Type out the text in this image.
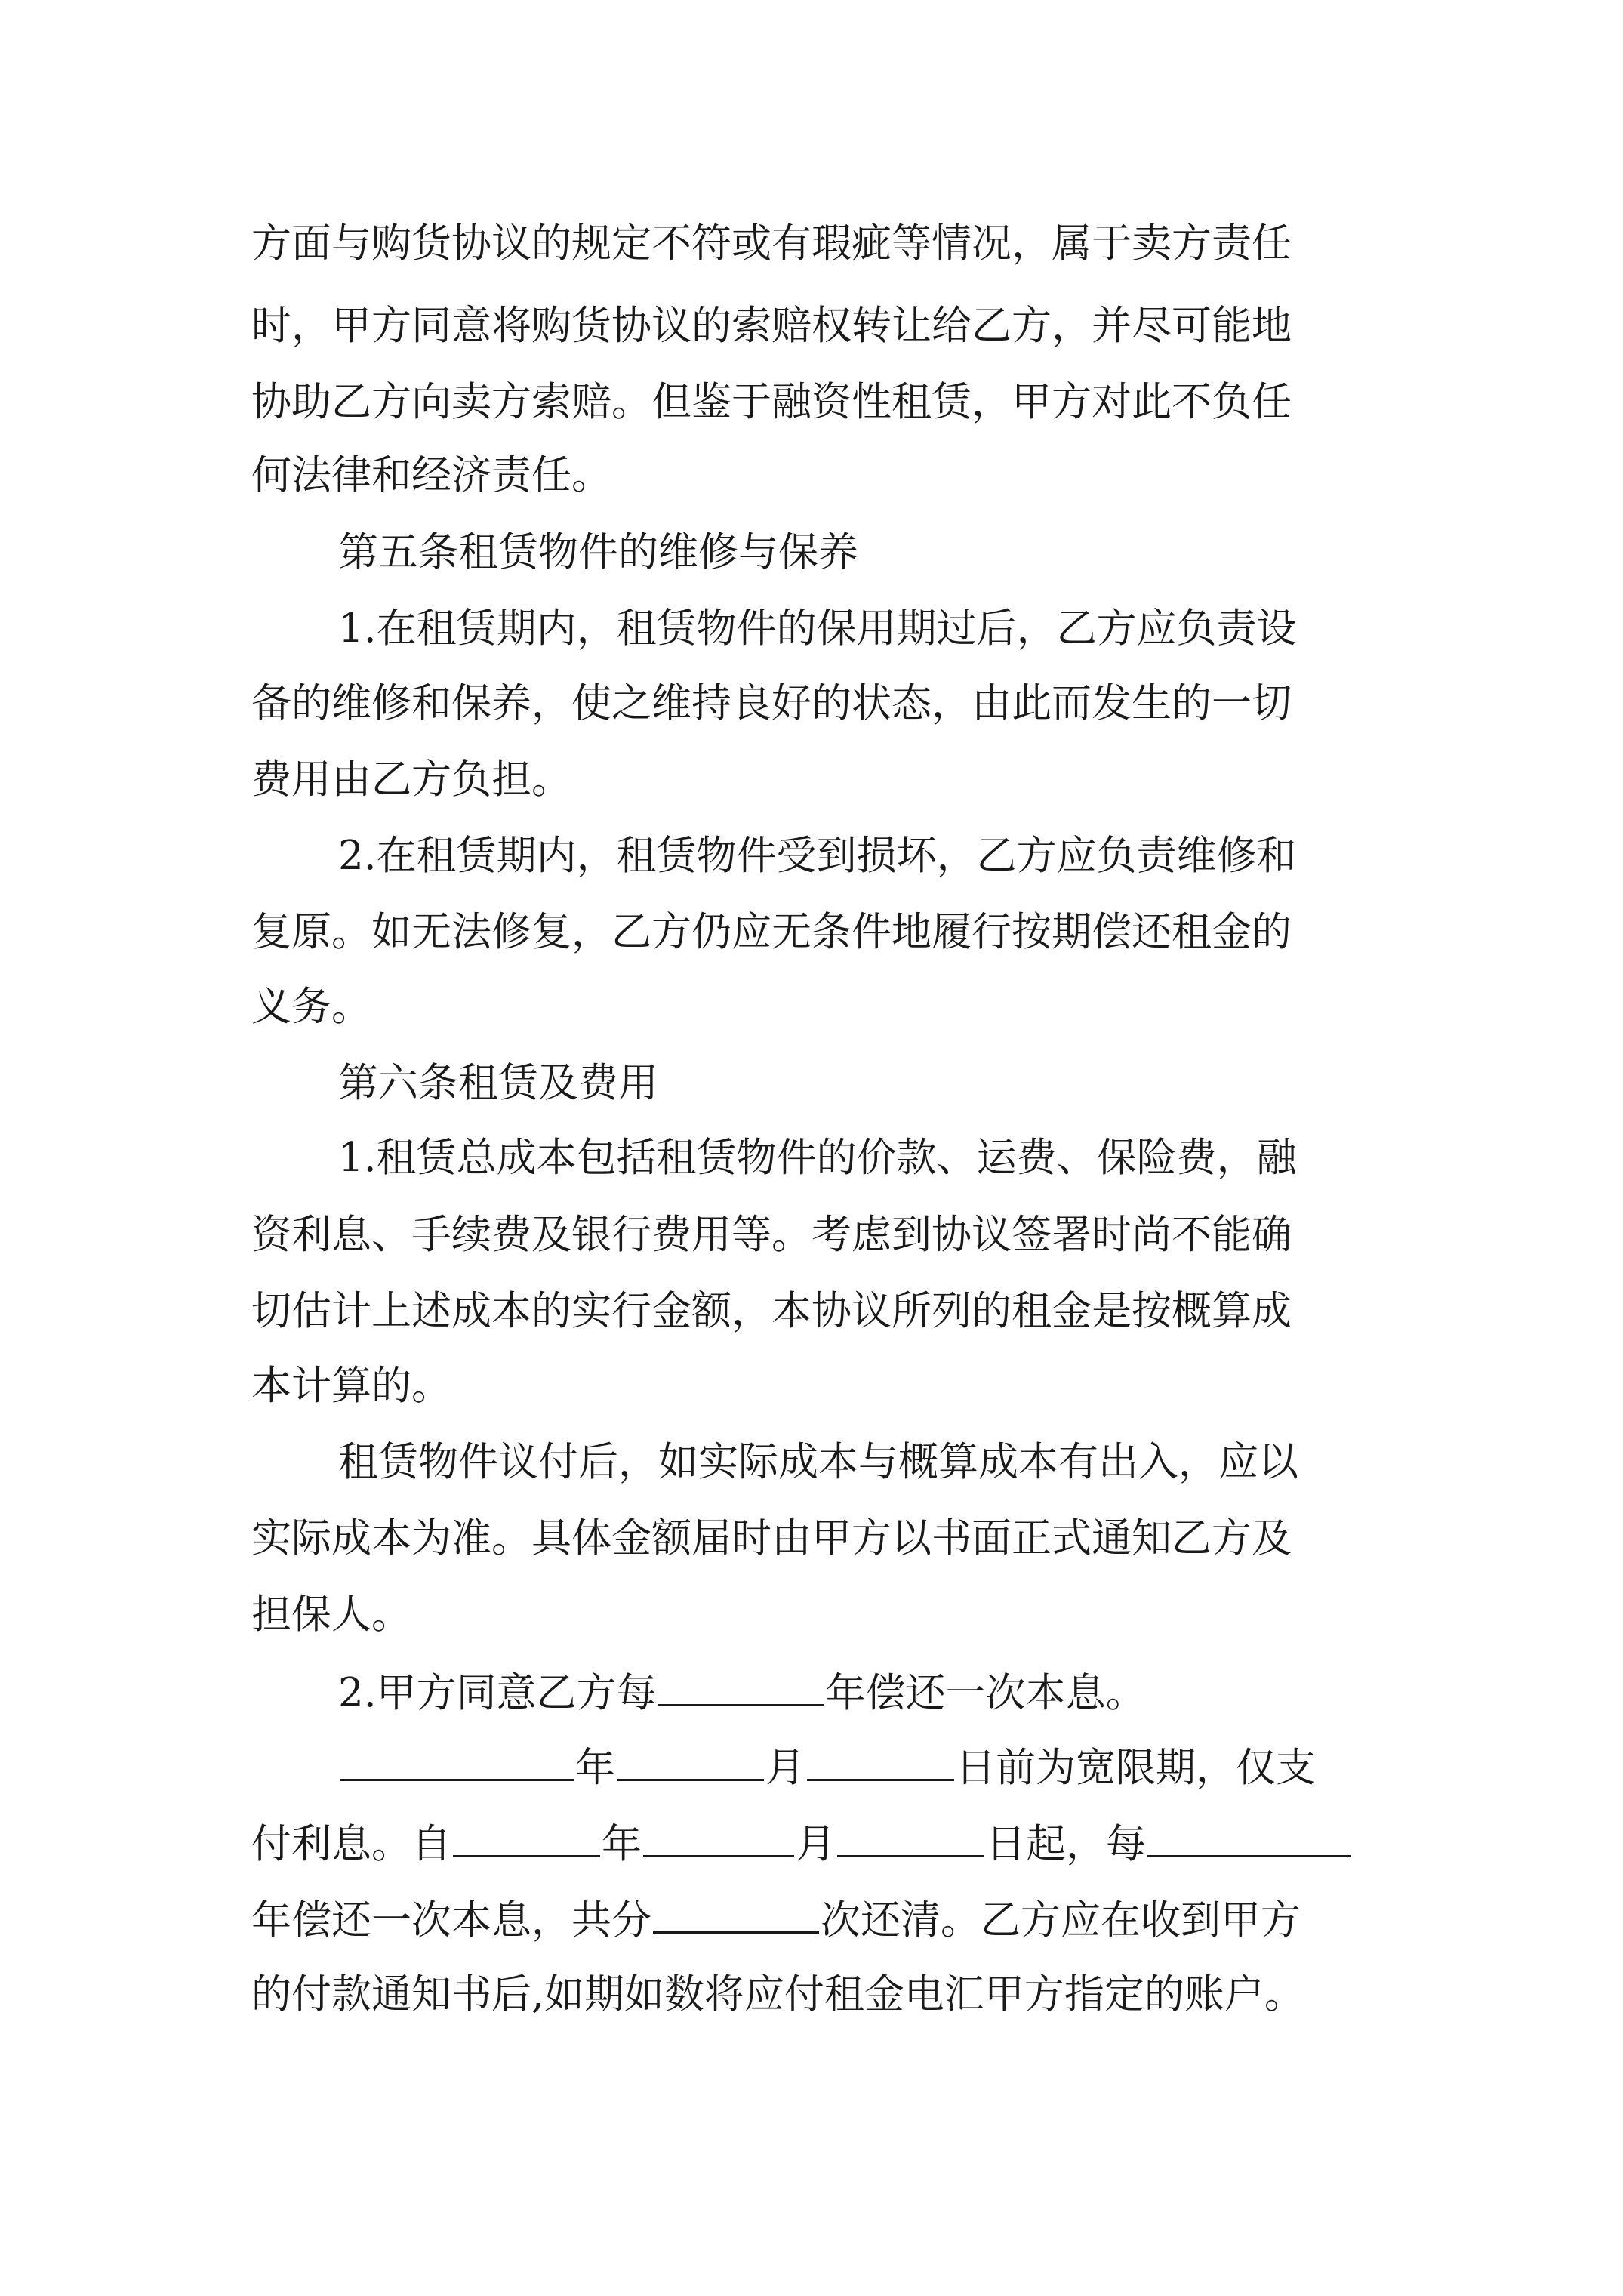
方面与购货协议的规定不符或有瑕疵等情况，属于卖方责任
时，甲方同意将购货协议的索赔权转让给乙方，并尽可能地
协助乙方向卖方索赔。但鉴于融资性租赁，甲方对此不负任
何法律和经济责任。
第五条租赁物件的维修与保养
1.在租赁期内，租赁物件的保用期过后，乙方应负责设
备的维修和保养，使之维持良好的状态，由此而发生的一切
费用由乙方负担。
2.在租赁期内，租赁物件受到损坏，乙方应负责维修和
复原。如无法修复，乙方仍应无条件地履行按期偿还租金的
义务。
第六条租赁及费用
1.租赁总成本包括租赁物件的价款、运费、保险费，融
资利息、手续费及银行费用等。考虑到协议签署时尚不能确
切估计上述成本的实行金额，本协议所列的租金是按概算成
本计算的。
租赁物件议付后，如实际成本与概算成本有出入，应以
实际成本为准。具体金额届时由甲方以书面正式通知乙方及
担保人。
2.甲方同意乙方每	年偿还一次本息。
年	月	日前为宽限期，仅支
付利息。自	年	月	日起，每
年偿还一次本息，共分	次还清。乙方应在收到甲方
的付款通知书后,如期如数将应付租金电汇甲方指定的账户。
